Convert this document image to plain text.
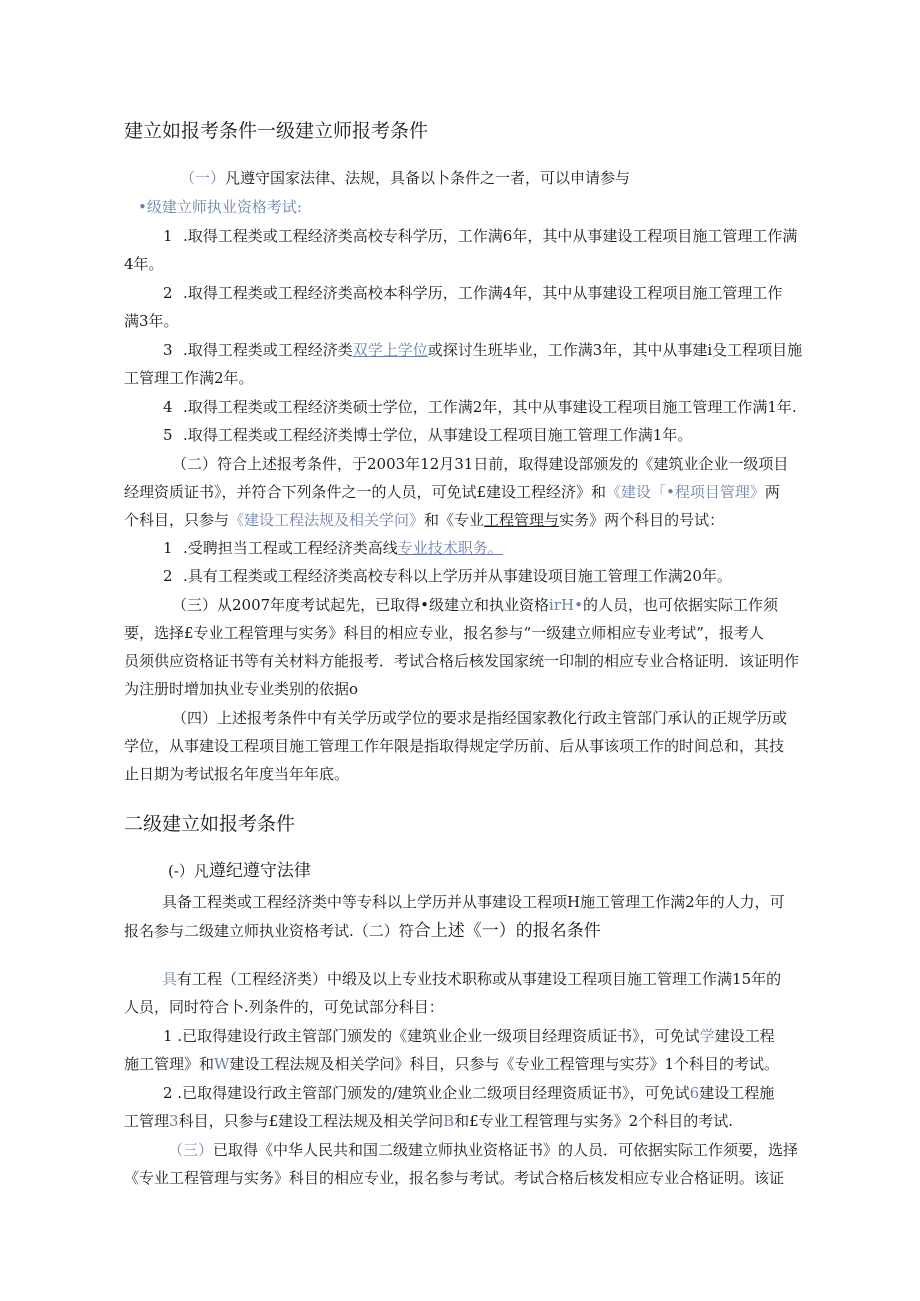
建立如报考条件一级建立师报考条件
（一）凡遵守国家法律、法规，具备以卜条件之一者，可以申请参与
•级建立师执业资格考试:
1 .取得工程类或工程经济类高校专科学历，工作满6年，其中从事建设工程项目施工管理工作满
4年。
2 .取得工程类或工程经济类高校本科学历，工作满4年，其中从事建设工程项目施工管理工作
满3年。
3 .取得工程类或工程经济类双学上学位或探讨生班毕业，工作满3年，其中从事建i殳工程项目施
工管理工作满2年。
4 .取得工程类或工程经济类硕士学位，工作满2年，其中从事建设工程项目施工管理工作满1年.
5 .取得工程类或工程经济类博士学位，从事建设工程项目施工管理工作满1年。
（二）符合上述报考条件，于2003年12月31日前，取得建设部颁发的《建筑业企业一级项目
经理资质证书》，并符合下列条件之一的人员，可免试£建设工程经济》和《建设「•程项目管理》两
个科目，只参与《建设工程法规及相关学问》和《专业工程管理与实务》两个科目的号试：
1 .受聘担当工程或工程经济类高线专业技术职务。
2 .具有工程类或工程经济类高校专科以上学历并从事建设项目施工管理工作满20年。
（三）从2007年度考试起先，已取得•级建立和执业资格irH•的人员，也可依据实际工作须
要，选择£专业工程管理与实务》科目的相应专业，报名参与“一级建立师相应专业考试”，报考人
员须供应资格证书等有关材料方能报考．考试合格后核发国家统一印制的相应专业合格证明．该证明作
为注册时增加执业专业类别的依据o
（四）上述报考条件中有关学历或学位的要求是指经国家教化行政主管部门承认的正规学历或
学位，从事建设工程项目施工管理工作年限是指取得规定学历前、后从事该项工作的时间总和，其技
止日期为考试报名年度当年年底。
二级建立如报考条件
(-）凡遵纪遵守法律
具备工程类或工程经济类中等专科以上学历并从事建设工程项H施工管理工作满2年的人力，可
报名参与二级建立师执业资格考试.（二）符合上述《一）的报名条件
具有工程（工程经济类）中缎及以上专业技术职称或从事建设工程项目施工管理工作满15年的
人员，同时符合卜.列条件的，可免试部分科目：
1 .已取得建设行政主管部门颁发的《建筑业企业一级项目经理资质证书》，可免试学建设工程
施工管理》和W建设工程法规及相关学问》科目，只参与《专业工程管理与实芬》1个科目的考试。
2 .已取得建设行政主管部门颁发的/建筑业企业二级项目经理资质证书》，可免试6建设工程施
工管理3科目，只参与£建设工程法规及相关学问B和£专业工程管理与实务》2个科目的考试.
（三）已取得《中华人民共和国二级建立师执业资格证书》的人员．可依据实际工作须要，选择
《专业工程管理与实务》科目的相应专业，报名参与考试。考试合格后核发相应专业合格证明。该证
